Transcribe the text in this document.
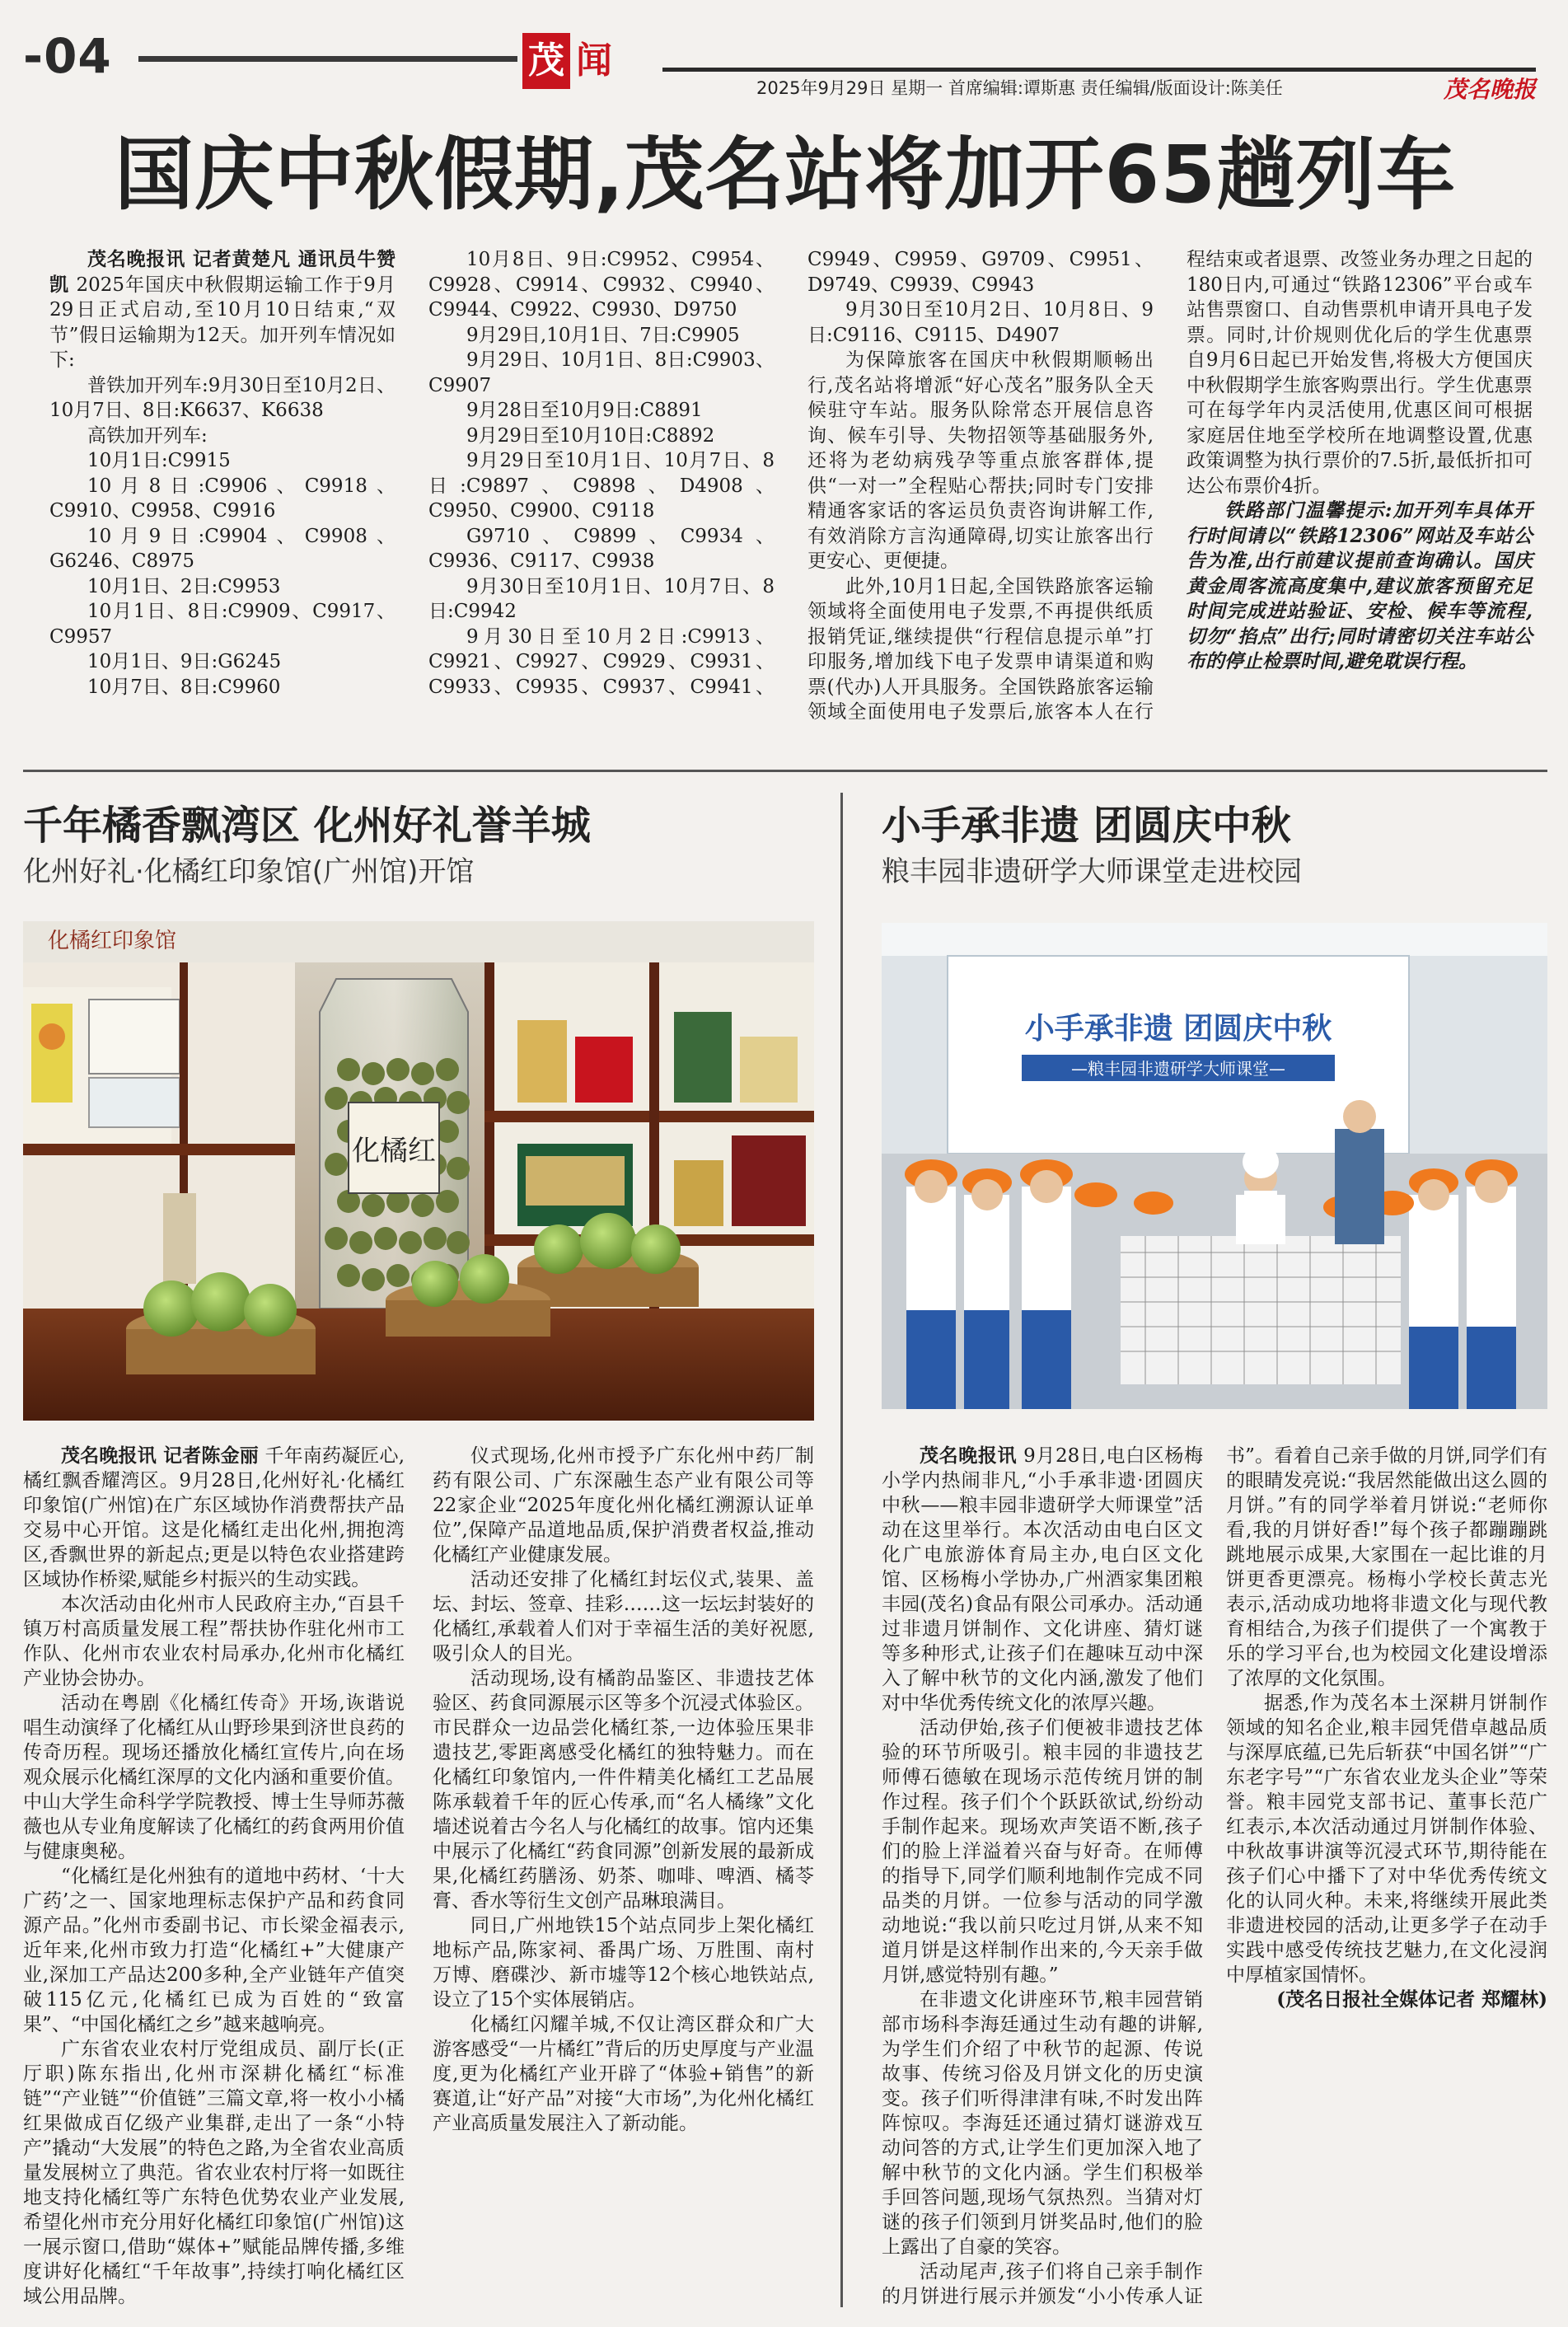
-04	茂 闻
2025年9月29日 星期一 首席编辑:谭斯惠 责任编辑/版面设计:陈美任	茂名晚报
国庆中秋假期,茂名站将加开65趟列车

茂名晚报讯 记者黄楚凡 通讯员牛赞凯 2025年国庆中秋假期运输工作于9月29日正式启动,至10月10日结束,“双节”假日运输期为12天。加开列车情况如下:

普铁加开列车:9月30日至10月2日、10月7日、8日:K6637、K6638

高铁加开列车:

10月1日:C9915

10月8日:C9906、C9918、C9910、C9958、C9916

10月9日:C9904、C9908、G6246、C8975

10月1日、2日:C9953

10月1日、8日:C9909、C9917、C9957

10月1日、9日:G6245

10月7日、8日:C9960

10月8日、9日:C9952、C9954、C9928、C9914、C9932、C9940、C9944、C9922、C9930、D9750

9月29日,10月1日、7日:C9905

9月29日、10月1日、8日:C9903、C9907

9月28日至10月9日:C8891

9月29日至10月10日:C8892

9月29日至10月1日、10月7日、8日:C9897、C9898、D4908、C9950、C9900、C9118

G9710、C9899、C9934、C9936、C9117、C9938

9月30日至10月1日、10月7日、8日:C9942

9月30日至10月2日:C9913、C9921、C9927、C9929、C9931、C9933、C9935、C9937、C9941、C9949、C9959、G9709、C9951、D9749、C9939、C9943

9月30日至10月2日、10月8日、9日:C9116、C9115、D4907

为保障旅客在国庆中秋假期顺畅出行,茂名站将增派“好心茂名”服务队全天候驻守车站。服务队除常态开展信息咨询、候车引导、失物招领等基础服务外,还将为老幼病残孕等重点旅客群体,提供“一对一”全程贴心帮扶;同时专门安排精通客家话的客运员负责咨询讲解工作,有效消除方言沟通障碍,切实让旅客出行更安心、更便捷。

此外,10月1日起,全国铁路旅客运输领域将全面使用电子发票,不再提供纸质报销凭证,继续提供“行程信息提示单”打印服务,增加线下电子发票申请渠道和购票(代办)人开具服务。全国铁路旅客运输领域全面使用电子发票后,旅客本人在行程结束或者退票、改签业务办理之日起的180日内,可通过“铁路12306”平台或车站售票窗口、自动售票机申请开具电子发票。同时,计价规则优化后的学生优惠票自9月6日起已开始发售,将极大方便国庆中秋假期学生旅客购票出行。学生优惠票可在每学年内灵活使用,优惠区间可根据家庭居住地至学校所在地调整设置,优惠政策调整为执行票价的7.5折,最低折扣可达公布票价4折。

铁路部门温馨提示:加开列车具体开行时间请以“铁路12306”网站及车站公告为准,出行前建议提前查询确认。国庆黄金周客流高度集中,建议旅客预留充足时间完成进站验证、安检、候车等流程,切勿“掐点”出行;同时请密切关注车站公布的停止检票时间,避免耽误行程。

千年橘香飘湾区 化州好礼誉羊城
化州好礼·化橘红印象馆(广州馆)开馆
化橘红印象馆
化橘红

茂名晚报讯 记者陈金丽 千年南药凝匠心,橘红飘香耀湾区。9月28日,化州好礼·化橘红印象馆(广州馆)在广东区域协作消费帮扶产品交易中心开馆。这是化橘红走出化州,拥抱湾区,香飘世界的新起点;更是以特色农业搭建跨区域协作桥梁,赋能乡村振兴的生动实践。

本次活动由化州市人民政府主办,“百县千镇万村高质量发展工程”帮扶协作驻化州市工作队、化州市农业农村局承办,化州市化橘红产业协会协办。

活动在粤剧《化橘红传奇》开场,诙谐说唱生动演绎了化橘红从山野珍果到济世良药的传奇历程。现场还播放化橘红宣传片,向在场观众展示化橘红深厚的文化内涵和重要价值。中山大学生命科学学院教授、博士生导师苏薇薇也从专业角度解读了化橘红的药食两用价值与健康奥秘。

“化橘红是化州独有的道地中药材、‘十大广药’之一、国家地理标志保护产品和药食同源产品。”化州市委副书记、市长梁金福表示,近年来,化州市致力打造“化橘红+”大健康产业,深加工产品达200多种,全产业链年产值突破115亿元,化橘红已成为百姓的“致富果”、“中国化橘红之乡”越来越响亮。

广东省农业农村厅党组成员、副厅长(正厅职)陈东指出,化州市深耕化橘红“标准链”“产业链”“价值链”三篇文章,将一枚小小橘红果做成百亿级产业集群,走出了一条“小特产”撬动“大发展”的特色之路,为全省农业高质量发展树立了典范。省农业农村厅将一如既往地支持化橘红等广东特色优势农业产业发展,希望化州市充分用好化橘红印象馆(广州馆)这一展示窗口,借助“媒体+”赋能品牌传播,多维度讲好化橘红“千年故事”,持续打响化橘红区域公用品牌。

仪式现场,化州市授予广东化州中药厂制药有限公司、广东深融生态产业有限公司等22家企业“2025年度化州化橘红溯源认证单位”,保障产品道地品质,保护消费者权益,推动化橘红产业健康发展。

活动还安排了化橘红封坛仪式,装果、盖坛、封坛、签章、挂彩……这一坛坛封装好的化橘红,承载着人们对于幸福生活的美好祝愿,吸引众人的目光。

活动现场,设有橘韵品鉴区、非遗技艺体验区、药食同源展示区等多个沉浸式体验区。市民群众一边品尝化橘红茶,一边体验压果非遗技艺,零距离感受化橘红的独特魅力。而在化橘红印象馆内,一件件精美化橘红工艺品展陈承载着千年的匠心传承,而“名人橘缘”文化墙述说着古今名人与化橘红的故事。馆内还集中展示了化橘红“药食同源”创新发展的最新成果,化橘红药膳汤、奶茶、咖啡、啤酒、橘苓膏、香水等衍生文创产品琳琅满目。

同日,广州地铁15个站点同步上架化橘红地标产品,陈家祠、番禺广场、万胜围、南村万博、磨碟沙、新市墟等12个核心地铁站点,设立了15个实体展销店。

化橘红闪耀羊城,不仅让湾区群众和广大游客感受“一片橘红”背后的历史厚度与产业温度,更为化橘红产业开辟了“体验+销售”的新赛道,让“好产品”对接“大市场”,为化州化橘红产业高质量发展注入了新动能。

小手承非遗 团圆庆中秋
粮丰园非遗研学大师课堂走进校园
小手承非遗 团圆庆中秋
—粮丰园非遗研学大师课堂—

茂名晚报讯 9月28日,电白区杨梅小学内热闹非凡,“小手承非遗·团圆庆中秋——粮丰园非遗研学大师课堂”活动在这里举行。本次活动由电白区文化广电旅游体育局主办,电白区文化馆、区杨梅小学协办,广州酒家集团粮丰园(茂名)食品有限公司承办。活动通过非遗月饼制作、文化讲座、猜灯谜等多种形式,让孩子们在趣味互动中深入了解中秋节的文化内涵,激发了他们对中华优秀传统文化的浓厚兴趣。

活动伊始,孩子们便被非遗技艺体验的环节所吸引。粮丰园的非遗技艺师傅石德敏在现场示范传统月饼的制作过程。孩子们个个跃跃欲试,纷纷动手制作起来。现场欢声笑语不断,孩子们的脸上洋溢着兴奋与好奇。在师傅的指导下,同学们顺利地制作完成不同品类的月饼。一位参与活动的同学激动地说:“我以前只吃过月饼,从来不知道月饼是这样制作出来的,今天亲手做月饼,感觉特别有趣。”

在非遗文化讲座环节,粮丰园营销部市场科李海廷通过生动有趣的讲解,为学生们介绍了中秋节的起源、传说故事、传统习俗及月饼文化的历史演变。孩子们听得津津有味,不时发出阵阵惊叹。李海廷还通过猜灯谜游戏互动问答的方式,让学生们更加深入地了解中秋节的文化内涵。学生们积极举手回答问题,现场气氛热烈。当猜对灯谜的孩子们领到月饼奖品时,他们的脸上露出了自豪的笑容。

活动尾声,孩子们将自己亲手制作的月饼进行展示并颁发“小小传承人证书”。看着自己亲手做的月饼,同学们有的眼睛发亮说:“我居然能做出这么圆的月饼。”有的同学举着月饼说:“老师你看,我的月饼好香!”每个孩子都蹦蹦跳跳地展示成果,大家围在一起比谁的月饼更香更漂亮。杨梅小学校长黄志光表示,活动成功地将非遗文化与现代教育相结合,为孩子们提供了一个寓教于乐的学习平台,也为校园文化建设增添了浓厚的文化氛围。

据悉,作为茂名本土深耕月饼制作领域的知名企业,粮丰园凭借卓越品质与深厚底蕴,已先后斩获“中国名饼”“广东老字号”“广东省农业龙头企业”等荣誉。粮丰园党支部书记、董事长范广红表示,本次活动通过月饼制作体验、中秋故事讲演等沉浸式环节,期待能在孩子们心中播下了对中华优秀传统文化的认同火种。未来,将继续开展此类非遗进校园的活动,让更多学子在动手实践中感受传统技艺魅力,在文化浸润中厚植家国情怀。

(茂名日报社全媒体记者 郑耀林)
